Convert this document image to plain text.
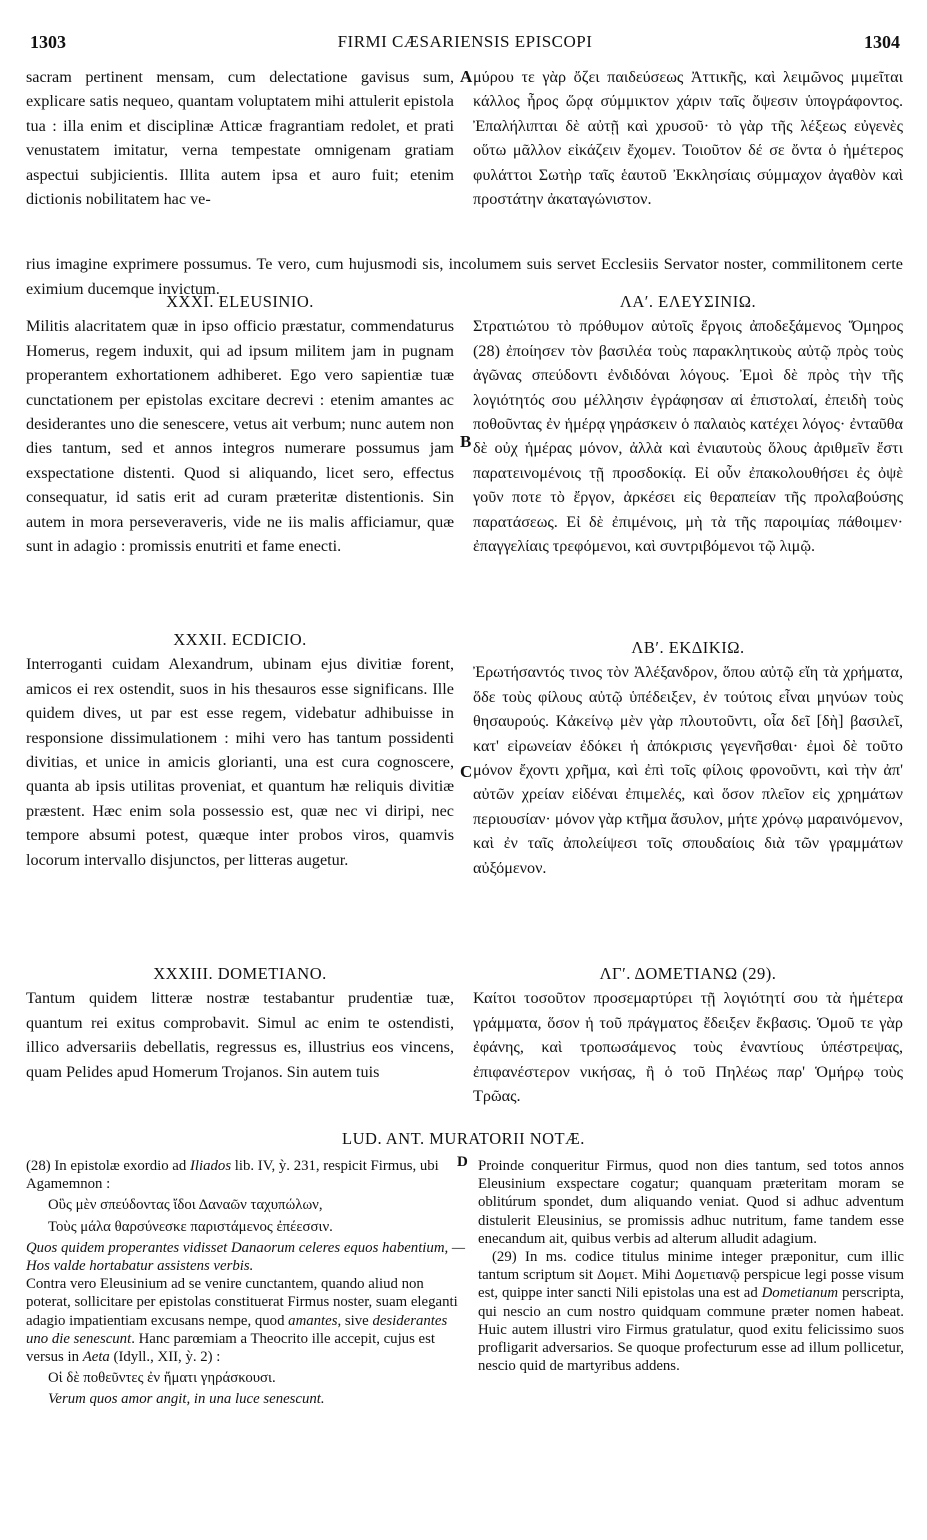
1303	FIRMI CÆSARIENSIS EPISCOPI	1304

sacram pertinent mensam, cum delectatione gavisus sum, explicare satis nequeo, quantam voluptatem mihi attulerit epistola tua : illa enim et disciplinæ Atticæ fragrantiam redolet, et prati venustatem imitatur, verna tempestate omnigenam gratiam aspectui subjicientis. Illita autem ipsa et auro fuit; etenim dictionis nobilitatem hac ve-

A μύρου τε γὰρ ὄζει παιδεύσεως Ἀττικῆς, καὶ λειμῶνος μιμεῖται κάλλος ἦρος ὥρᾳ σύμμικτον χάριν ταῖς ὄψεσιν ὑπογράφοντος. Ἐπαλήλιπται δὲ αὐτῇ καὶ χρυσοῦ· τὸ γὰρ τῆς λέξεως εὐγενὲς οὕτω μᾶλλον εἰκάζειν ἔχομεν. Τοιοῦτον δέ σε ὄντα ὁ ἡμέτερος φυλάττοι Σωτὴρ ταῖς ἑαυτοῦ Ἐκκλησίαις σύμμαχον ἀγαθὸν καὶ προστάτην ἀκαταγώνιστον.

rius imagine exprimere possumus. Te vero, cum hujusmodi sis, incolumem suis servet Ecclesiis Servator noster, commilitonem certe eximium ducemque invictum.

XXXI. ELEUSINIO.

Militis alacritatem quæ in ipso officio præstatur, commendaturus Homerus, regem induxit, qui ad ipsum militem jam in pugnam properantem exhortationem adhiberet. Ego vero sapientiæ tuæ cunctationem per epistolas excitare decrevi : etenim amantes ac desiderantes uno die senescere, vetus ait verbum; nunc autem non dies tantum, sed et annos integros numerare possumus jam exspectatione distenti. Quod si aliquando, licet sero, effectus consequatur, id satis erit ad curam præteritæ distentionis. Sin autem in mora perseveraveris, vide ne iis malis afficiamur, quæ sunt in adagio : promissis enutriti et fame enecti.

B

ΛΑʹ. ΕΛΕΥΣΙΝΙΩ.

Στρατιώτου τὸ πρόθυμον αὐτοῖς ἔργοις ἀποδεξάμενος Ὅμηρος (28) ἐποίησεν τὸν βασιλέα τοὺς παρακλητικοὺς αὐτῷ πρὸς τοὺς ἀγῶνας σπεύδοντι ἐνδιδόναι λόγους. Ἐμοὶ δὲ πρὸς τὴν τῆς λογιότητός σου μέλλησιν ἐγράφησαν αἱ ἐπιστολαί, ἐπειδὴ τοὺς ποθοῦντας ἐν ἡμέρᾳ γηράσκειν ὁ παλαιὸς κατέχει λόγος· ἐνταῦθα δὲ οὐχ ἡμέρας μόνον, ἀλλὰ καὶ ἐνιαυτοὺς ὅλους ἀριθμεῖν ἔστι παρατεινομένοις τῇ προσδοκίᾳ. Εἰ οὖν ἐπακολουθήσει ἐς ὀψὲ γοῦν ποτε τὸ ἔργον, ἀρκέσει εἰς θεραπείαν τῆς προλαβούσης παρατάσεως. Εἰ δὲ ἐπιμένοις, μὴ τὰ τῆς παροιμίας πάθοιμεν· ἐπαγγελίαις τρεφόμενοι, καὶ συντριβόμενοι τῷ λιμῷ.

XXXII. ECDICIO.

Interroganti cuidam Alexandrum, ubinam ejus divitiæ forent, amicos ei rex ostendit, suos in his thesauros esse significans. Ille quidem dives, ut par est esse regem, videbatur adhibuisse in responsione dissimulationem : mihi vero has tantum possidenti divitias, et unice in amicis glorianti, una est cura cognoscere, quanta ab ipsis utilitas proveniat, et quantum hæ reliquis divitiæ præstent. Hæc enim sola possessio est, quæ nec vi diripi, nec tempore absumi potest, quæque inter probos viros, quamvis locorum intervallo disjunctos, per litteras augetur.

C

ΛΒʹ. ΕΚΔΙΚΙΩ.

Ἐρωτήσαντός τινος τὸν Ἀλέξανδρον, ὅπου αὐτῷ εἴη τὰ χρήματα, ὅδε τοὺς φίλους αὐτῷ ὑπέδειξεν, ἐν τούτοις εἶναι μηνύων τοὺς θησαυρούς. Κἀκείνῳ μὲν γὰρ πλουτοῦντι, οἷα δεῖ [δὴ] βασιλεῖ, κατ' εἰρωνείαν ἐδόκει ἡ ἀπόκρισις γεγενῆσθαι· ἐμοὶ δὲ τοῦτο μόνον ἔχοντι χρῆμα, καὶ ἐπὶ τοῖς φίλοις φρονοῦντι, καὶ τὴν ἀπ' αὐτῶν χρείαν εἰδέναι ἐπιμελές, καὶ ὅσον πλεῖον εἰς χρημάτων περιουσίαν· μόνον γὰρ κτῆμα ἄσυλον, μήτε χρόνῳ μαραινόμενον, καὶ ἐν ταῖς ἀπολείψεσι τοῖς σπουδαίοις διὰ τῶν γραμμάτων αὐξόμενον.

XXXIII. DOMETIANO.

Tantum quidem litteræ nostræ testabantur prudentiæ tuæ, quantum rei exitus comprobavit. Simul ac enim te ostendisti, illico adversariis debellatis, regressus es, illustrius eos vincens, quam Pelides apud Homerum Trojanos. Sin autem tuis

ΛΓʹ. ΔΟΜΕΤΙΑΝΩ (29).

Καίτοι τοσοῦτον προσεμαρτύρει τῇ λογιότητί σου τὰ ἡμέτερα γράμματα, ὅσον ἡ τοῦ πράγματος ἔδειξεν ἔκβασις. Ὁμοῦ τε γὰρ ἐφάνης, καὶ τροπωσάμενος τοὺς ἐναντίους ὑπέστρεψας, ἐπιφανέστερον νικήσας, ἢ ὁ τοῦ Πηλέως παρ' Ὁμήρῳ τοὺς Τρῶας.

LUD. ANT. MURATORII NOTÆ.

(28) In epistolæ exordio ad Iliados lib. IV, ỳ. 231, respicit Firmus, ubi Agamemnon :

Οὓς μὲν σπεύδοντας ἴδοι Δαναῶν ταχυπώλων,

Τοὺς μάλα θαρσύνεσκε παριστάμενος ἐπέεσσιν.

Quos quidem properantes vidisset Danaorum celeres equos habentium, — Hos valde hortabatur assistens verbis.

Contra vero Eleusinium ad se venire cunctantem, quando aliud non poterat, sollicitare per epistolas constituerat Firmus noster, suam eleganti adagio impatientiam excusans nempe, quod amantes, sive desiderantes uno die senescunt. Hanc parœmiam a Theocrito ille accepit, cujus est versus in Aeta (Idyll., XII, ỳ. 2) :

Οἱ δὲ ποθεῦντες ἐν ἤματι γηράσκουσι.

Verum quos amor angit, in una luce senescunt.

D Proinde conqueritur Firmus, quod non dies tantum, sed totos annos Eleusinium exspectare cogatur; quanquam præteritam moram se oblitúrum spondet, dum aliquando veniat. Quod si adhuc adventum distulerit Eleusinius, se promissis adhuc nutritum, fame tandem esse enecandum ait, quibus verbis ad alterum alludit adagium.

(29) In ms. codice titulus minime integer præponitur, cum illic tantum scriptum sit Δομετ. Mihi Δομετιανῷ perspicue legi posse visum est, quippe inter sancti Nili epistolas una est ad Dometianum perscripta, qui nescio an cum nostro quidquam commune præter nomen habeat. Huic autem illustri viro Firmus gratulatur, quod exitu felicissimo suos profligarit adversarios. Se quoque profecturum esse ad illum pollicetur, nescio quid de martyribus addens.
